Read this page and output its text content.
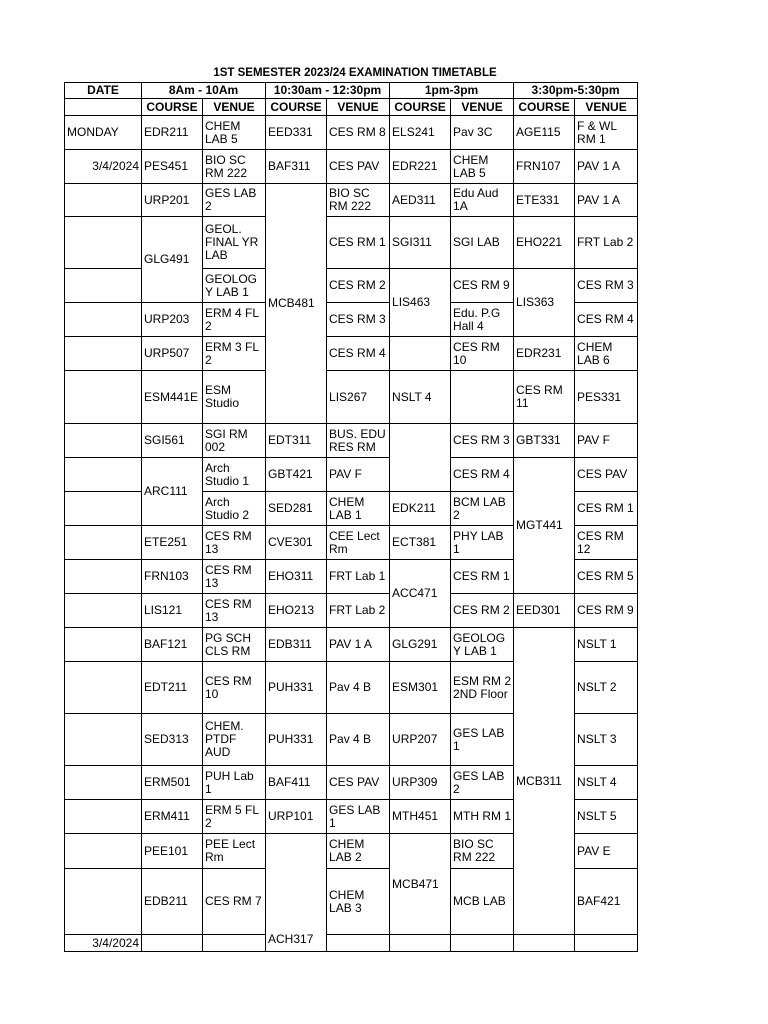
1ST SEMESTER 2023/24 EXAMINATION TIMETABLE
DATE	8Am - 10Am		10:30am - 12:30pm		1pm-3pm		3:30pm-5:30pm		
	COURSE	VENUE	COURSE	VENUE	COURSE	VENUE	COURSE	VENUE	
MONDAY	EDR211	CHEM LAB 5	EED331	CES RM 8	ELS241	Pav 3C	AGE115	F & WL RM 1	
3/4/2024	PES451	BIO SC RM 222	BAF311	CES PAV	EDR221	CHEM LAB 5	FRN107	PAV 1 A	
	URP201	GES LAB 2	MCB481	BIO SC RM 222	AED311	Edu Aud 1A	ETE331	PAV 1 A	
	GLG491	GEOL. FINAL YR LAB		CES RM 1	SGI311	SGI LAB	EHO221	FRT Lab 2	
		GEOLOGY LAB 1		CES RM 2	LIS463	CES RM 9	LIS363	CES RM 3	
	URP203	ERM 4 FL 2		CES RM 3		Edu. P.G Hall 4		CES RM 4	
	URP507	ERM 3 FL 2		CES RM 4		CES RM 10	EDR231	CHEM LAB 6	
	ESM441E	ESM Studio		LIS267	NSLT 4		CES RM 11	PES331	
	SGI561	SGI RM 002	EDT311	BUS. EDU RES RM		CES RM 3	GBT331	PAV F	
	ARC111	Arch Studio 1	GBT421	PAV F		CES RM 4	MGT441	CES PAV	
		Arch Studio 2	SED281	CHEM LAB 1	EDK211	BCM LAB 2		CES RM 1	
	ETE251	CES RM 13	CVE301	CEE Lect Rm	ECT381	PHY LAB 1		CES RM 12	
	FRN103	CES RM 13	EHO311	FRT Lab 1	ACC471	CES RM 1		CES RM 5	
	LIS121	CES RM 13	EHO213	FRT Lab 2		CES RM 2	EED301	CES RM 9	
	BAF121	PG SCH CLS RM	EDB311	PAV 1 A	GLG291	GEOLOGY LAB 1	MCB311	NSLT 1	
	EDT211	CES RM 10	PUH331	Pav 4 B	ESM301	ESM RM 2 2ND Floor		NSLT 2	
	SED313	CHEM. PTDF AUD	PUH331	Pav 4 B	URP207	GES LAB 1		NSLT 3	
	ERM501	PUH Lab 1	BAF411	CES PAV	URP309	GES LAB 2		NSLT 4	
	ERM411	ERM 5 FL 2	URP101	GES LAB 1	MTH451	MTH RM 1		NSLT 5	
	PEE101	PEE Lect Rm	ACH317	CHEM LAB 2	MCB471	BIO SC RM 222		PAV E	
	EDB211	CES RM 7		CHEM LAB 3		MCB LAB		BAF421	
3/4/2024									
